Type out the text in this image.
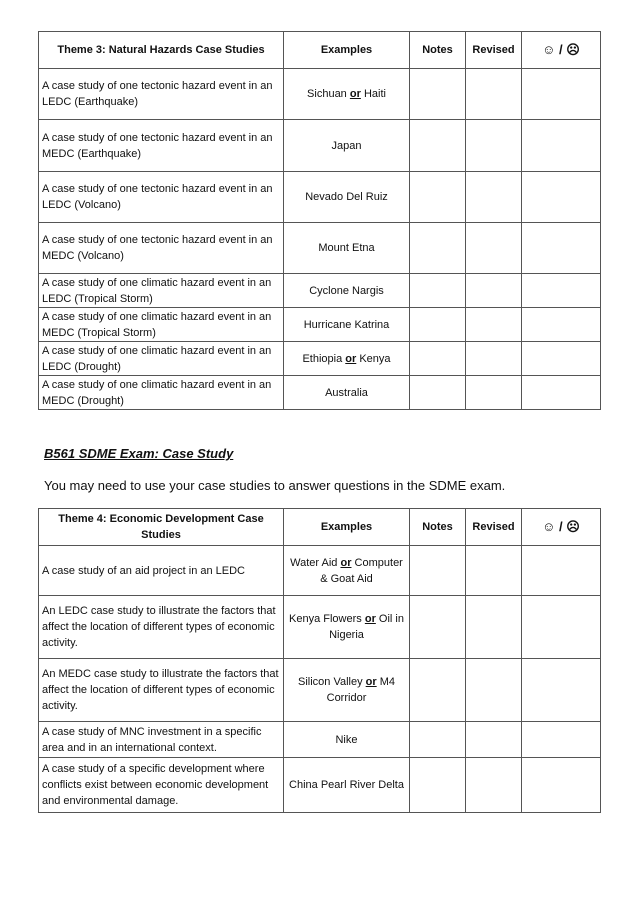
Theme 3: Natural Hazards Case Studies	Examples	Notes	Revised	☺ / ☹
A case study of one tectonic hazard event in an LEDC (Earthquake)	Sichuan or Haiti			
A case study of one tectonic hazard event in an MEDC (Earthquake)	Japan			
A case study of one tectonic hazard event in an LEDC (Volcano)	Nevado Del Ruiz			
A case study of one tectonic hazard event in an MEDC (Volcano)	Mount Etna			
A case study of one climatic hazard event in an LEDC (Tropical Storm)	Cyclone Nargis			
A case study of one climatic hazard event in an MEDC (Tropical Storm)	Hurricane Katrina			
A case study of one climatic hazard event in an LEDC (Drought)	Ethiopia or Kenya			
A case study of one climatic hazard event in an MEDC (Drought)	Australia			
B561 SDME Exam: Case Study
You may need to use your case studies to answer questions in the SDME exam.
Theme 4: Economic Development Case Studies	Examples	Notes	Revised	☺ / ☹
A case study of an aid project in an LEDC	Water Aid or Computer & Goat Aid			
An LEDC case study to illustrate the factors that affect the location of different types of economic activity.	Kenya Flowers or Oil in Nigeria			
An MEDC case study to illustrate the factors that affect the location of different types of economic activity.	Silicon Valley or M4 Corridor			
A case study of MNC investment in a specific area and in an international context.	Nike			
A case study of a specific development where conflicts exist between economic development and environmental damage.	China Pearl River Delta			
